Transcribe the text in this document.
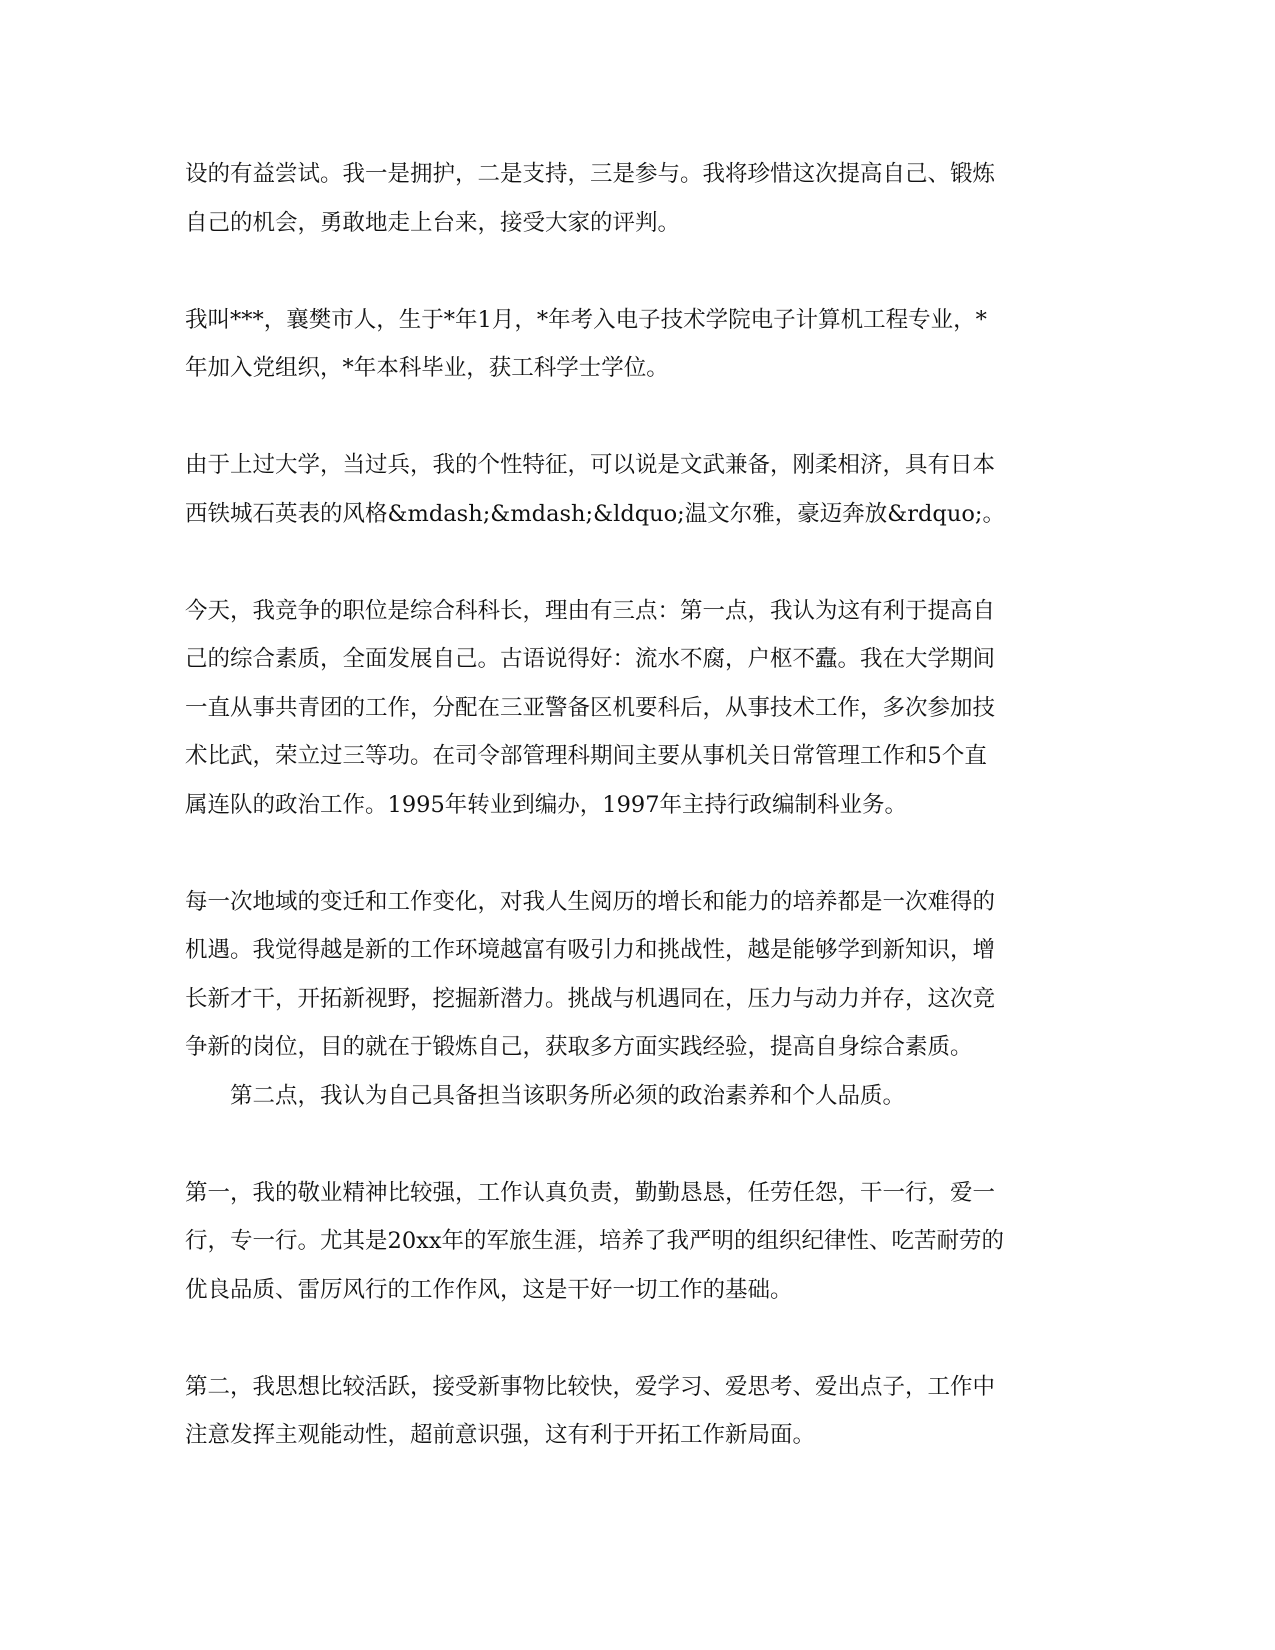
设的有益尝试。我一是拥护，二是支持，三是参与。我将珍惜这次提高自己、锻炼
自己的机会，勇敢地走上台来，接受大家的评判。

我叫***，襄樊市人，生于*年1月，*年考入电子技术学院电子计算机工程专业，*
年加入党组织，*年本科毕业，获工科学士学位。

由于上过大学，当过兵，我的个性特征，可以说是文武兼备，刚柔相济，具有日本
西铁城石英表的风格&mdash;&mdash;&ldquo;温文尔雅，豪迈奔放&rdquo;。

今天，我竞争的职位是综合科科长，理由有三点：第一点，我认为这有利于提高自
己的综合素质，全面发展自己。古语说得好：流水不腐，户枢不蠹。我在大学期间
一直从事共青团的工作，分配在三亚警备区机要科后，从事技术工作，多次参加技
术比武，荣立过三等功。在司令部管理科期间主要从事机关日常管理工作和5个直
属连队的政治工作。1995年转业到编办，1997年主持行政编制科业务。

每一次地域的变迁和工作变化，对我人生阅历的增长和能力的培养都是一次难得的
机遇。我觉得越是新的工作环境越富有吸引力和挑战性，越是能够学到新知识，增
长新才干，开拓新视野，挖掘新潜力。挑战与机遇同在，压力与动力并存，这次竞
争新的岗位，目的就在于锻炼自己，获取多方面实践经验，提高自身综合素质。

第二点，我认为自己具备担当该职务所必须的政治素养和个人品质。

第一，我的敬业精神比较强，工作认真负责，勤勤恳恳，任劳任怨，干一行，爱一
行，专一行。尤其是20xx年的军旅生涯，培养了我严明的组织纪律性、吃苦耐劳的
优良品质、雷厉风行的工作作风，这是干好一切工作的基础。

第二，我思想比较活跃，接受新事物比较快，爱学习、爱思考、爱出点子，工作中
注意发挥主观能动性，超前意识强，这有利于开拓工作新局面。
